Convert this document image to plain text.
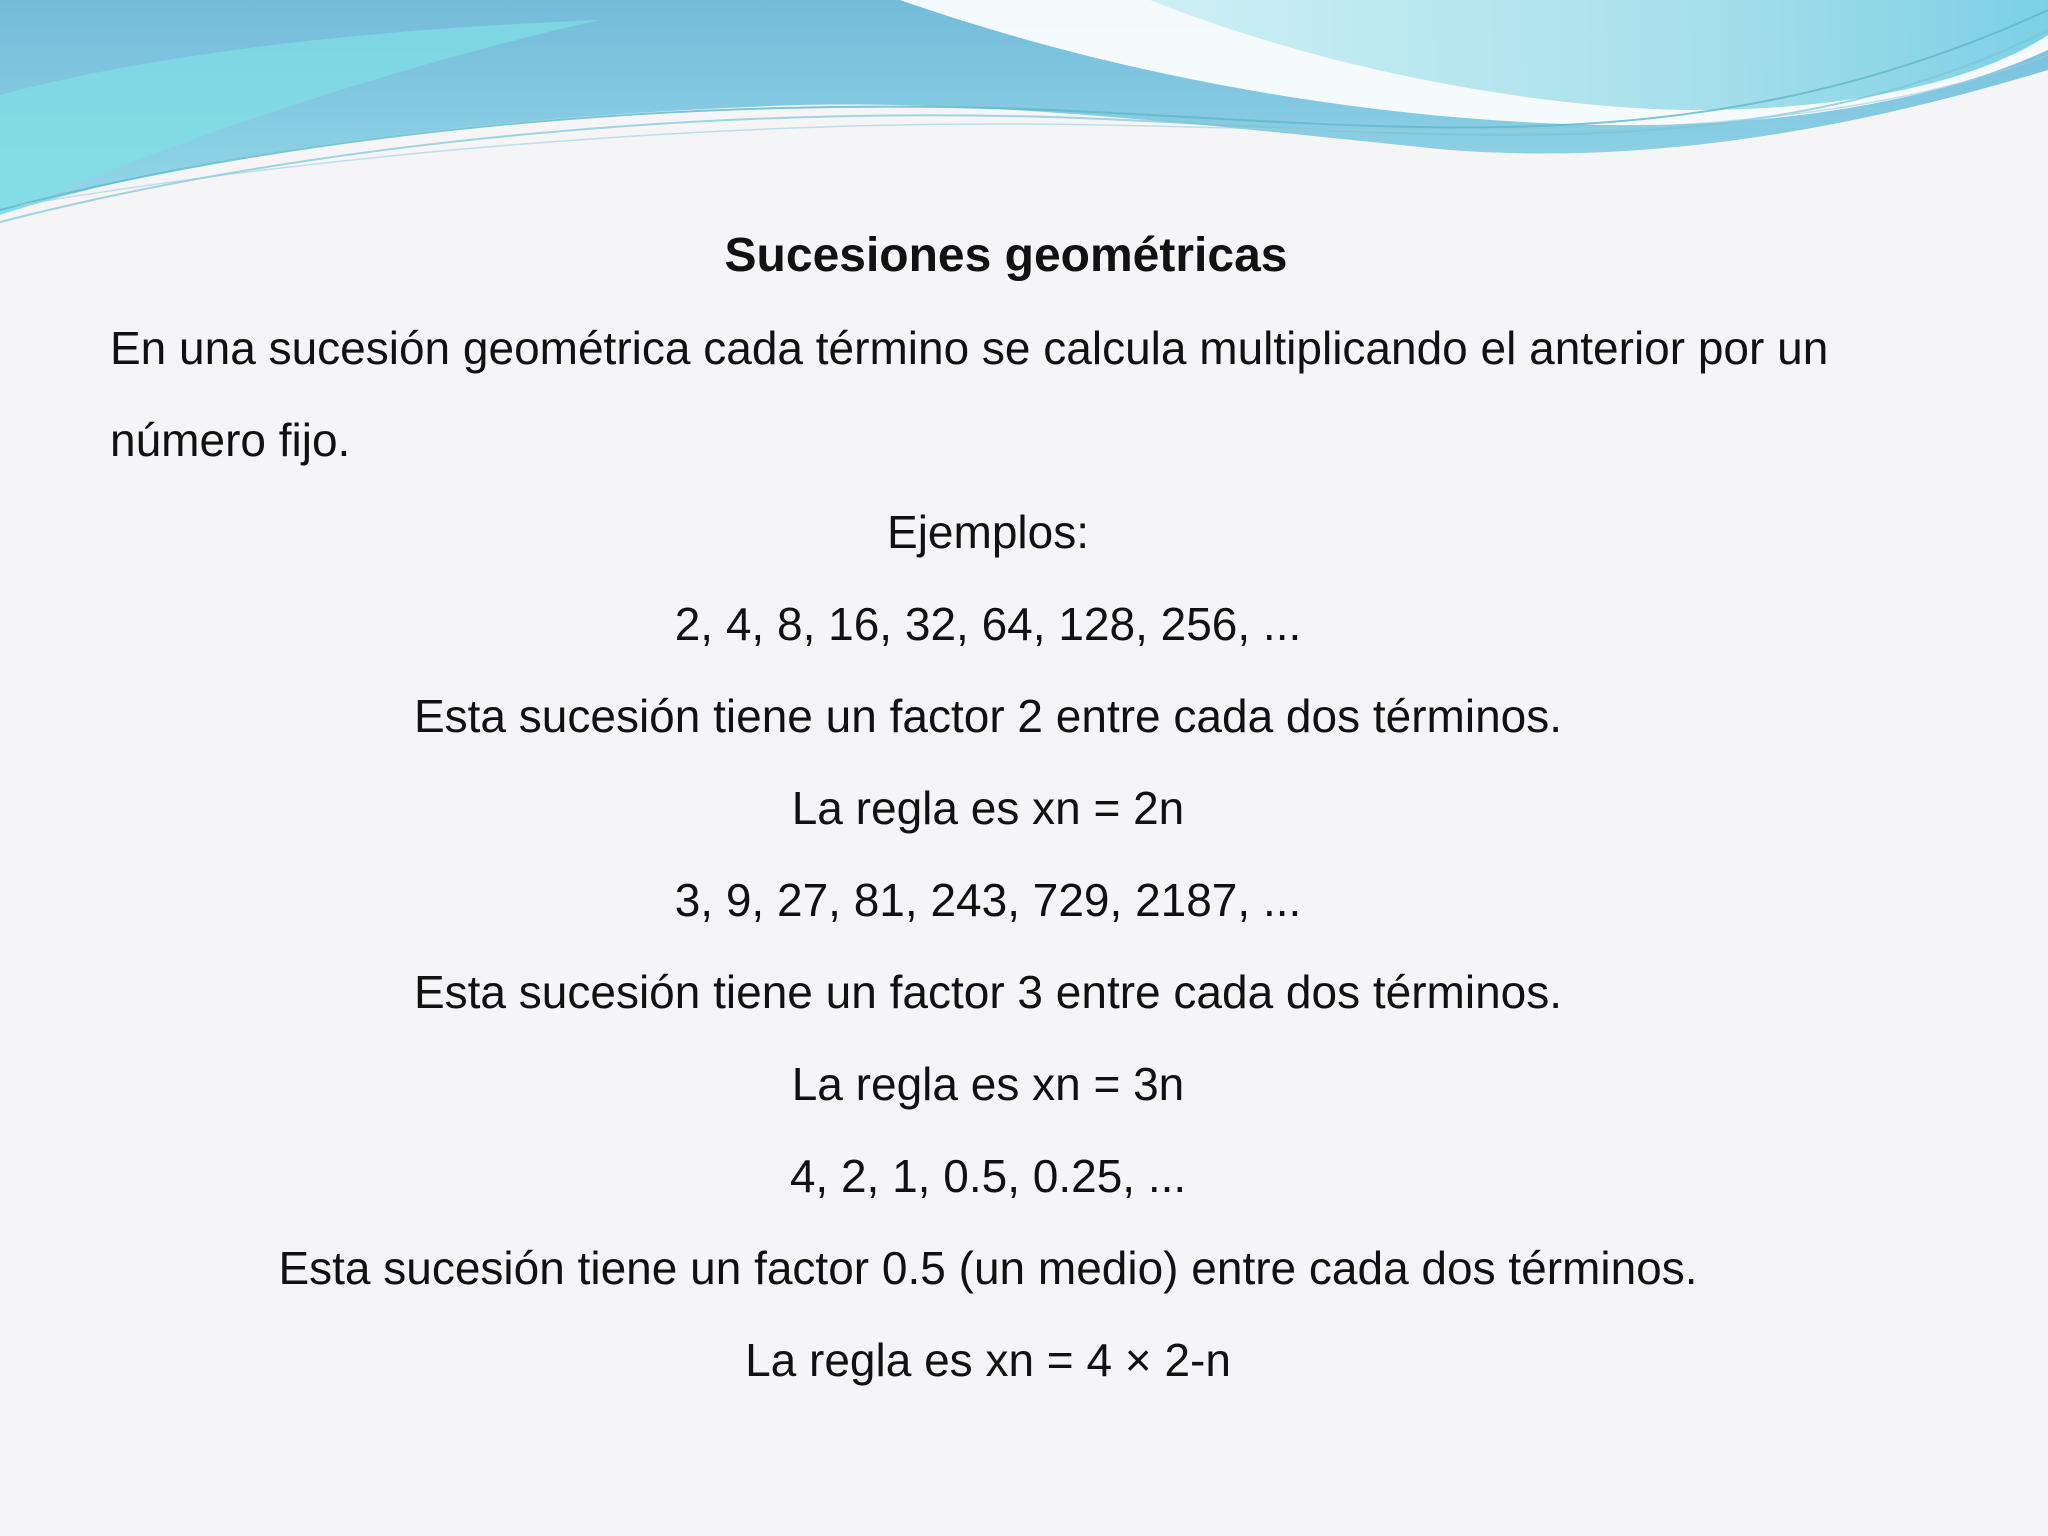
Sucesiones geométricas

En una sucesión geométrica cada término se calcula multiplicando el anterior por un número fijo.

Ejemplos:

2, 4, 8, 16, 32, 64, 128, 256, ...

Esta sucesión tiene un factor 2 entre cada dos términos.

La regla es xn = 2n

3, 9, 27, 81, 243, 729, 2187, ...

Esta sucesión tiene un factor 3 entre cada dos términos.

La regla es xn = 3n

4, 2, 1, 0.5, 0.25, ...

Esta sucesión tiene un factor 0.5 (un medio) entre cada dos términos.

La regla es xn = 4 × 2-n
